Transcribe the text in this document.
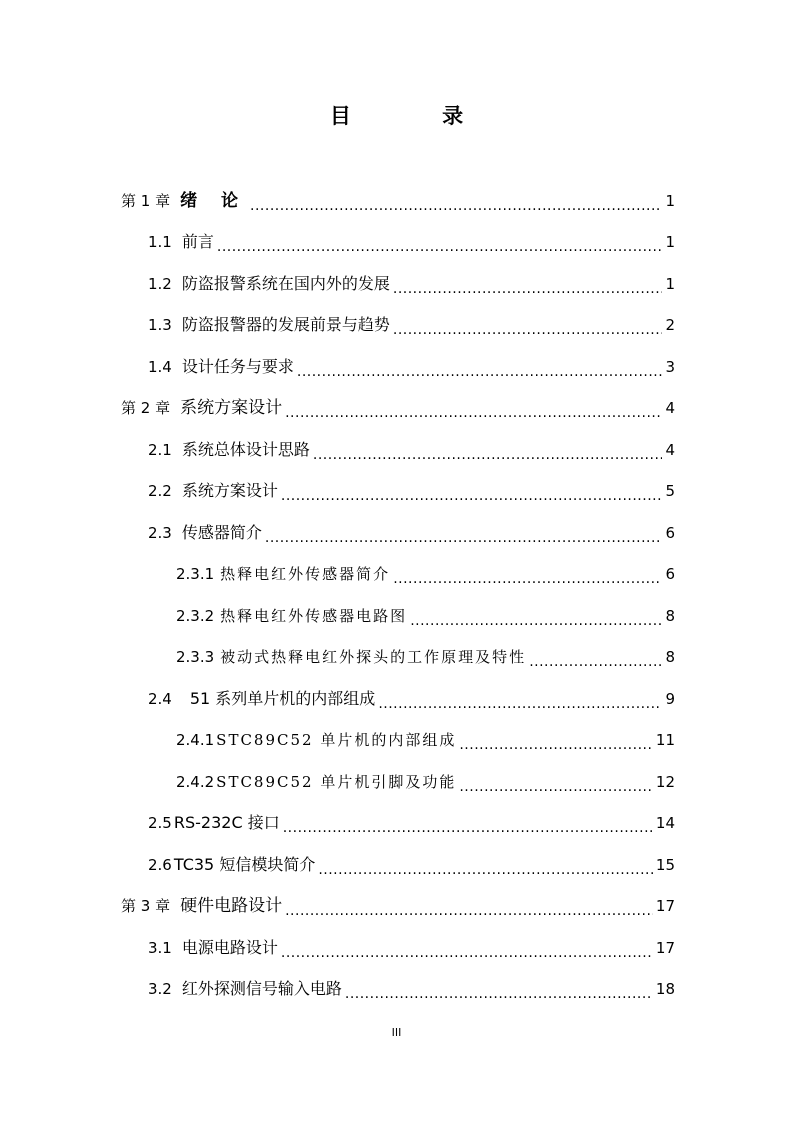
目 录
第 1 章 绪 论 .....	1
1.1 前言 .....	1
1.2 防盗报警系统在国内外的发展 .....	1
1.3 防盗报警器的发展前景与趋势 .....	2
1.4 设计任务与要求 .....	3
第 2 章 系统方案设计 .....	4
2.1 系统总体设计思路 .....	4
2.2 系统方案设计 .....	5
2.3 传感器简介 .....	6
2.3.1 热释电红外传感器简介 .....	6
2.3.2 热释电红外传感器电路图 .....	8
2.3.3 被动式热释电红外探头的工作原理及特性 .....	8
2.4 51 系列单片机的内部组成 .....	9
2.4.1 STC89C52 单片机的内部组成 .....	11
2.4.2 STC89C52 单片机引脚及功能 .....	12
2.5 RS-232C 接口 .....	14
2.6 TC35 短信模块简介 .....	15
第 3 章 硬件电路设计 .....	17
3.1 电源电路设计 .....	17
3.2 红外探测信号输入电路 .....	18
III
